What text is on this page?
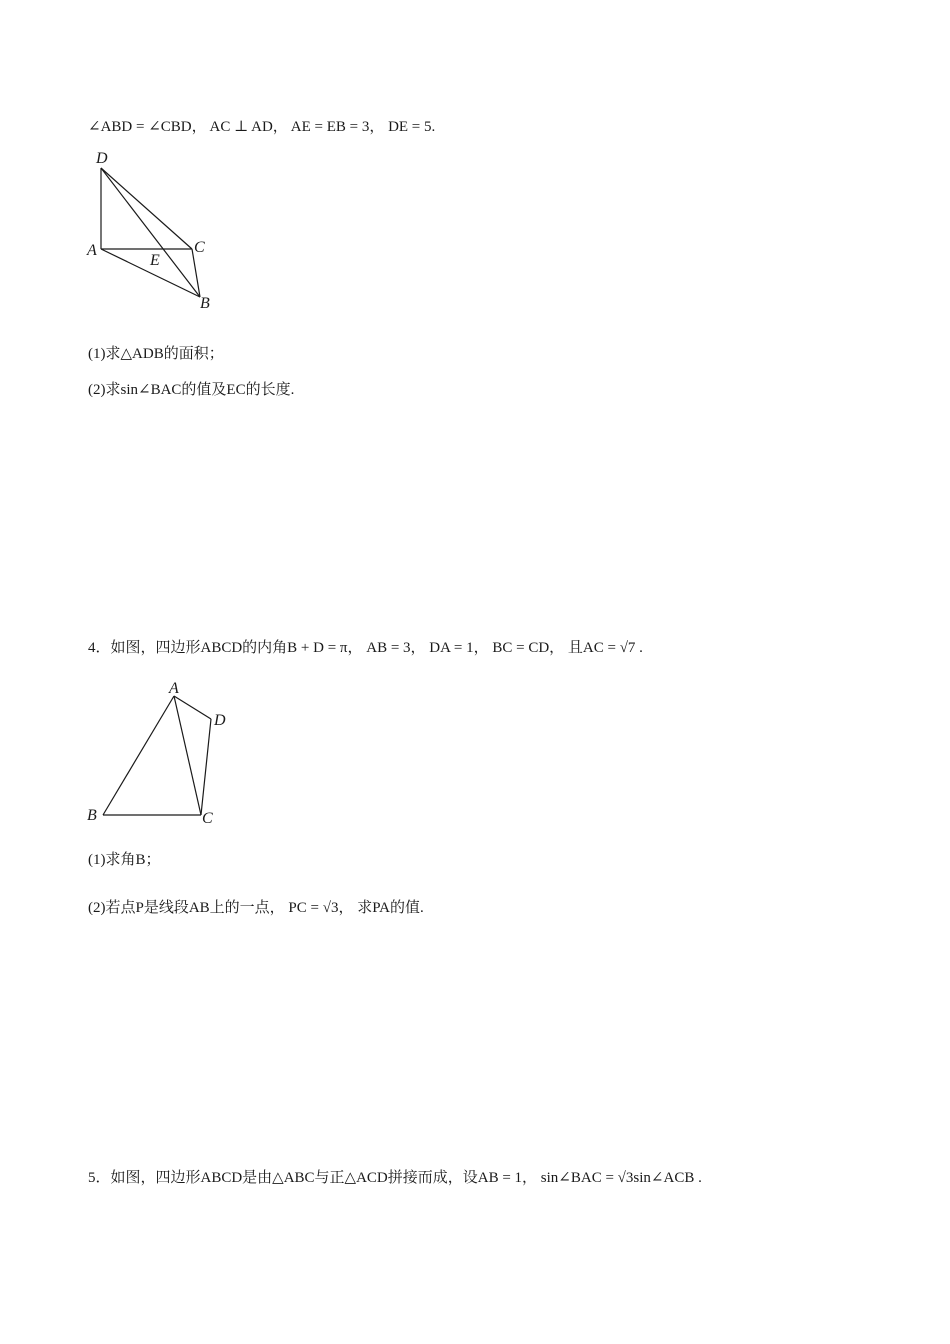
∠ABD = ∠CBD， AC ⊥ AD， AE = EB = 3， DE = 5.
D
A	C
E
B
(1)求△ADB的面积；
(2)求sin∠BAC的值及EC的长度.
4．如图，四边形ABCD的内角B + D = π， AB = 3， DA = 1， BC = CD， 且AC = √7 .
A
D
B	C
(1)求角B；
(2)若点P是线段AB上的一点， PC = √3， 求PA的值.
5．如图，四边形ABCD是由△ABC与正△ACD拼接而成，设AB = 1， sin∠BAC = √3sin∠ACB .
